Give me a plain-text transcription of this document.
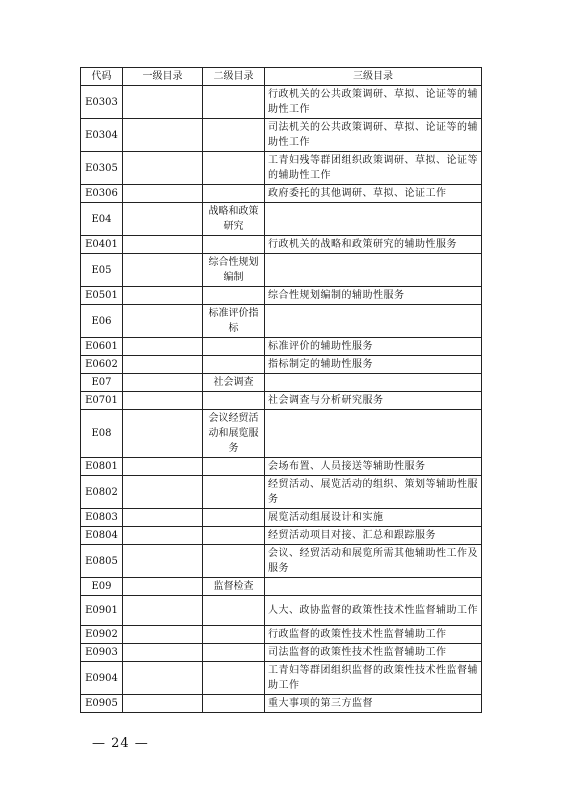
代码	一级目录	二级目录	三级目录
E0303			行政机关的公共政策调研、草拟、论证等的辅助性工作
E0304			司法机关的公共政策调研、草拟、论证等的辅助性工作
E0305			工青妇残等群团组织政策调研、草拟、论证等的辅助性工作
E0306			政府委托的其他调研、草拟、论证工作
E04		战略和政策研究	
E0401			行政机关的战略和政策研究的辅助性服务
E05		综合性规划编制	
E0501			综合性规划编制的辅助性服务
E06		标准评价指标	
E0601			标准评价的辅助性服务
E0602			指标制定的辅助性服务
E07		社会调查	
E0701			社会调查与分析研究服务
E08		会议经贸活动和展览服务	
E0801			会场布置、人员接送等辅助性服务
E0802			经贸活动、展览活动的组织、策划等辅助性服务
E0803			展览活动组展设计和实施
E0804			经贸活动项目对接、汇总和跟踪服务
E0805			会议、经贸活动和展览所需其他辅助性工作及服务
E09		监督检查	
E0901			人大、政协监督的政策性技术性监督辅助工作
E0902			行政监督的政策性技术性监督辅助工作
E0903			司法监督的政策性技术性监督辅助工作
E0904			工青妇等群团组织监督的政策性技术性监督辅助工作
E0905			重大事项的第三方监督
— 24 —
